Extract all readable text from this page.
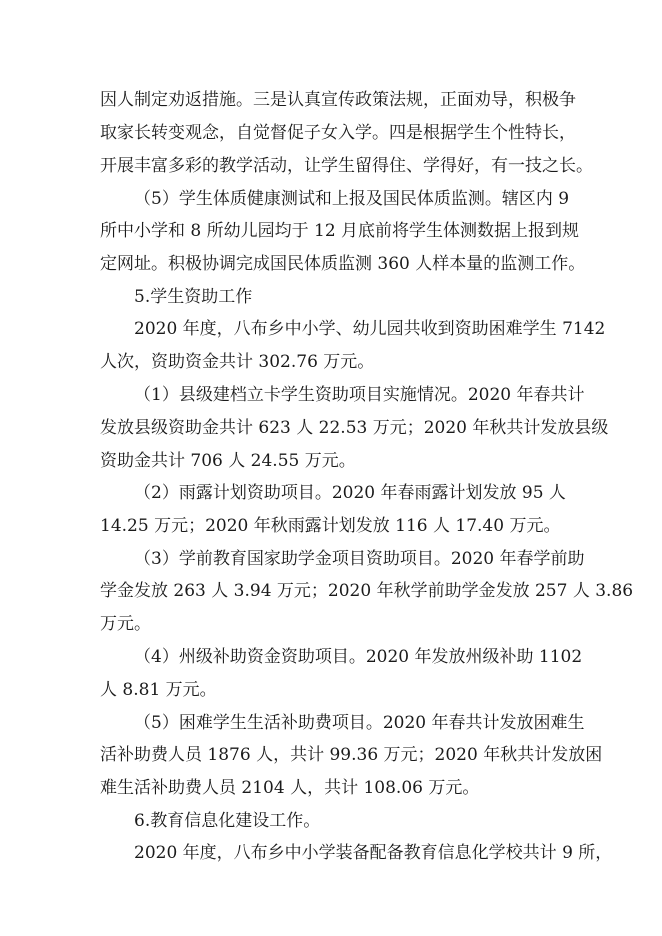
因人制定劝返措施。三是认真宣传政策法规，正面劝导，积极争
取家长转变观念，自觉督促子女入学。四是根据学生个性特长，
开展丰富多彩的教学活动，让学生留得住、学得好，有一技之长。
（5）学生体质健康测试和上报及国民体质监测。辖区内 9
所中小学和 8 所幼儿园均于 12 月底前将学生体测数据上报到规
定网址。积极协调完成国民体质监测 360 人样本量的监测工作。
5.学生资助工作
2020 年度，八布乡中小学、幼儿园共收到资助困难学生 7142
人次，资助资金共计 302.76 万元。
（1）县级建档立卡学生资助项目实施情况。2020 年春共计
发放县级资助金共计 623 人 22.53 万元；2020 年秋共计发放县级
资助金共计 706 人 24.55 万元。
（2）雨露计划资助项目。2020 年春雨露计划发放 95 人
14.25 万元；2020 年秋雨露计划发放 116 人 17.40 万元。
（3）学前教育国家助学金项目资助项目。2020 年春学前助
学金发放 263 人 3.94 万元；2020 年秋学前助学金发放 257 人 3.86
万元。
（4）州级补助资金资助项目。2020 年发放州级补助 1102
人 8.81 万元。
（5）困难学生生活补助费项目。2020 年春共计发放困难生
活补助费人员 1876 人，共计 99.36 万元；2020 年秋共计发放困
难生活补助费人员 2104 人，共计 108.06 万元。
6.教育信息化建设工作。
2020 年度，八布乡中小学装备配备教育信息化学校共计 9 所，
